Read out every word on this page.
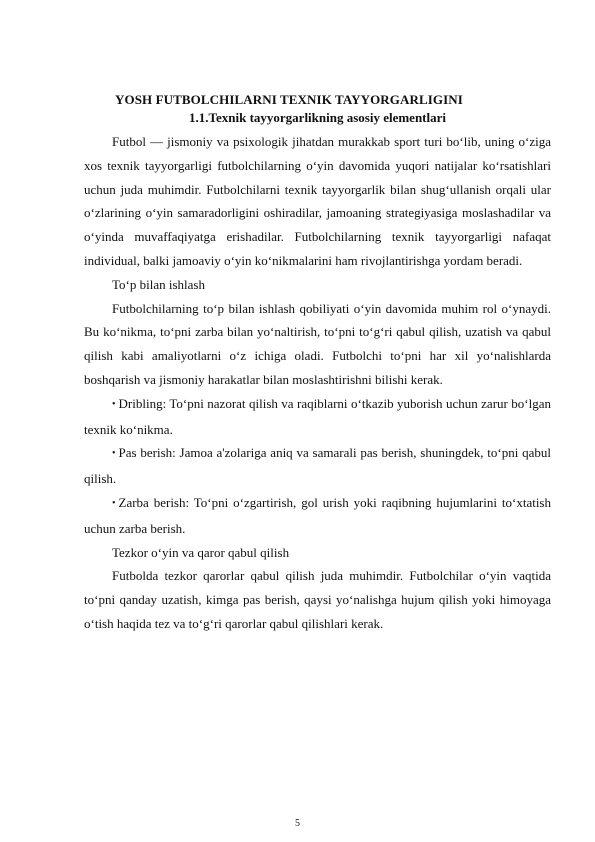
YOSH FUTBOLCHILARNI TEXNIK TAYYORGARLIGINI
1.1.Texnik tayyorgarlikning asosiy elementlari

Futbol — jismoniy va psixologik jihatdan murakkab sport turi bo‘lib, uning o‘ziga xos texnik tayyorgarligi futbolchilarning o‘yin davomida yuqori natijalar ko‘rsatishlari uchun juda muhimdir. Futbolchilarni texnik tayyorgarlik bilan shug‘ullanish orqali ular o‘zlarining o‘yin samaradorligini oshiradilar, jamoaning strategiyasiga moslashadilar va o‘yinda muvaffaqiyatga erishadilar. Futbolchilarning texnik tayyorgarligi nafaqat individual, balki jamoaviy o‘yin ko‘nikmalarini ham rivojlantirishga yordam beradi.

To‘p bilan ishlash

Futbolchilarning to‘p bilan ishlash qobiliyati o‘yin davomida muhim rol o‘ynaydi. Bu ko‘nikma, to‘pni zarba bilan yo‘naltirish, to‘pni to‘g‘ri qabul qilish, uzatish va qabul qilish kabi amaliyotlarni o‘z ichiga oladi. Futbolchi to‘pni har xil yo‘nalishlarda boshqarish va jismoniy harakatlar bilan moslashtirishni bilishi kerak.

• Dribling: To‘pni nazorat qilish va raqiblarni o‘tkazib yuborish uchun zarur bo‘lgan texnik ko‘nikma.

• Pas berish: Jamoa a'zolariga aniq va samarali pas berish, shuningdek, to‘pni qabul qilish.

• Zarba berish: To‘pni o‘zgartirish, gol urish yoki raqibning hujumlarini to‘xtatish uchun zarba berish.

Tezkor o‘yin va qaror qabul qilish

Futbolda tezkor qarorlar qabul qilish juda muhimdir. Futbolchilar o‘yin vaqtida to‘pni qanday uzatish, kimga pas berish, qaysi yo‘nalishga hujum qilish yoki himoyaga o‘tish haqida tez va to‘g‘ri qarorlar qabul qilishlari kerak.

5
